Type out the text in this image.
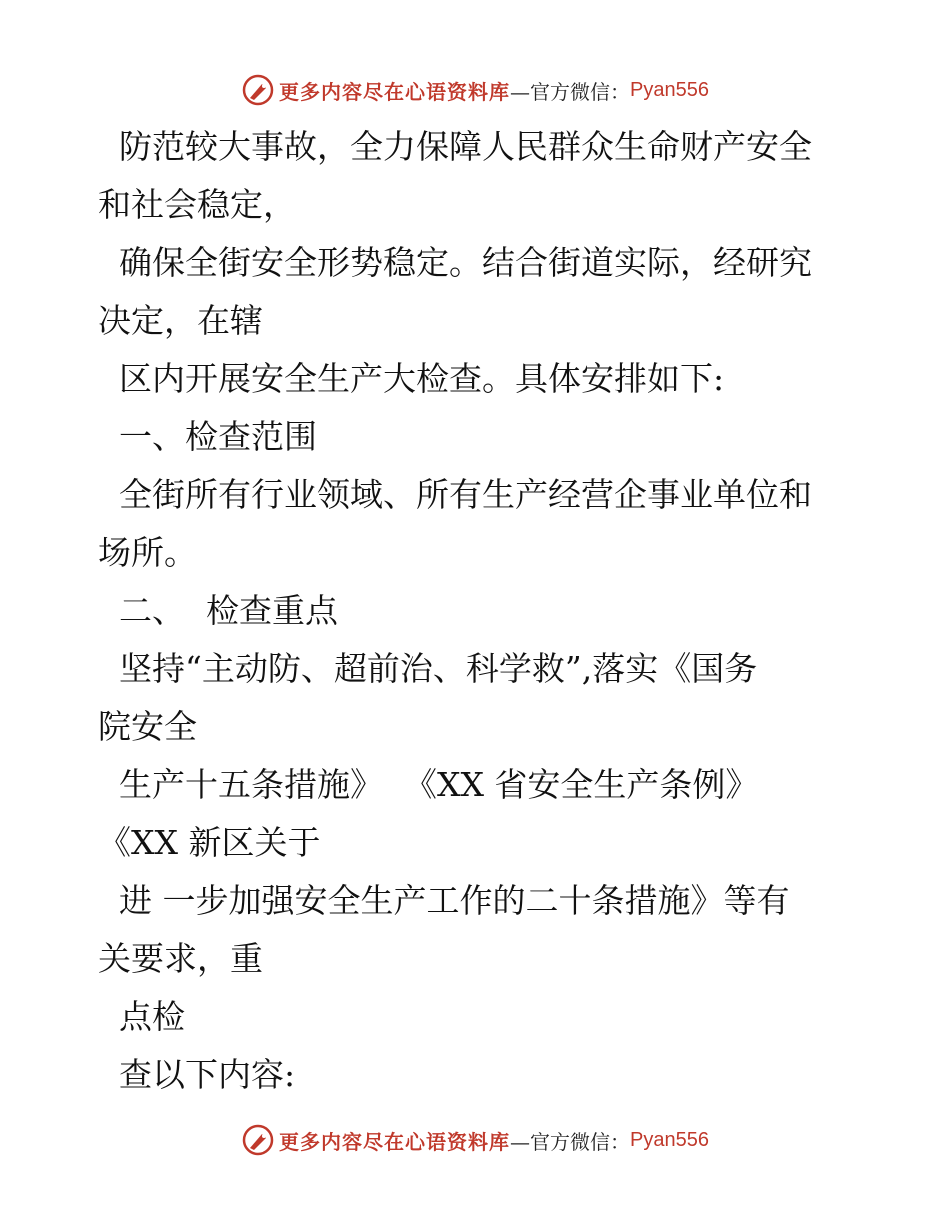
更多内容尽在心语资料库 —官方微信： Pyan556
防范较大事故，全力保障人民群众生命财产安全
和社会稳定，
确保全街安全形势稳定。结合街道实际，经研究
决定，在辖
区内开展安全生产大检查。具体安排如下:
一、检查范围
全街所有行业领域、所有生产经营企事业单位和
场所。
二、  检查重点
坚持“主动防、超前治、科学救”,落实《国务
院安全
生产十五条措施》  《XX 省安全生产条例》
《XX 新区关于
进 一步加强安全生产工作的二十条措施》等有
关要求，重
点检
查以下内容:
更多内容尽在心语资料库 —官方微信： Pyan556
